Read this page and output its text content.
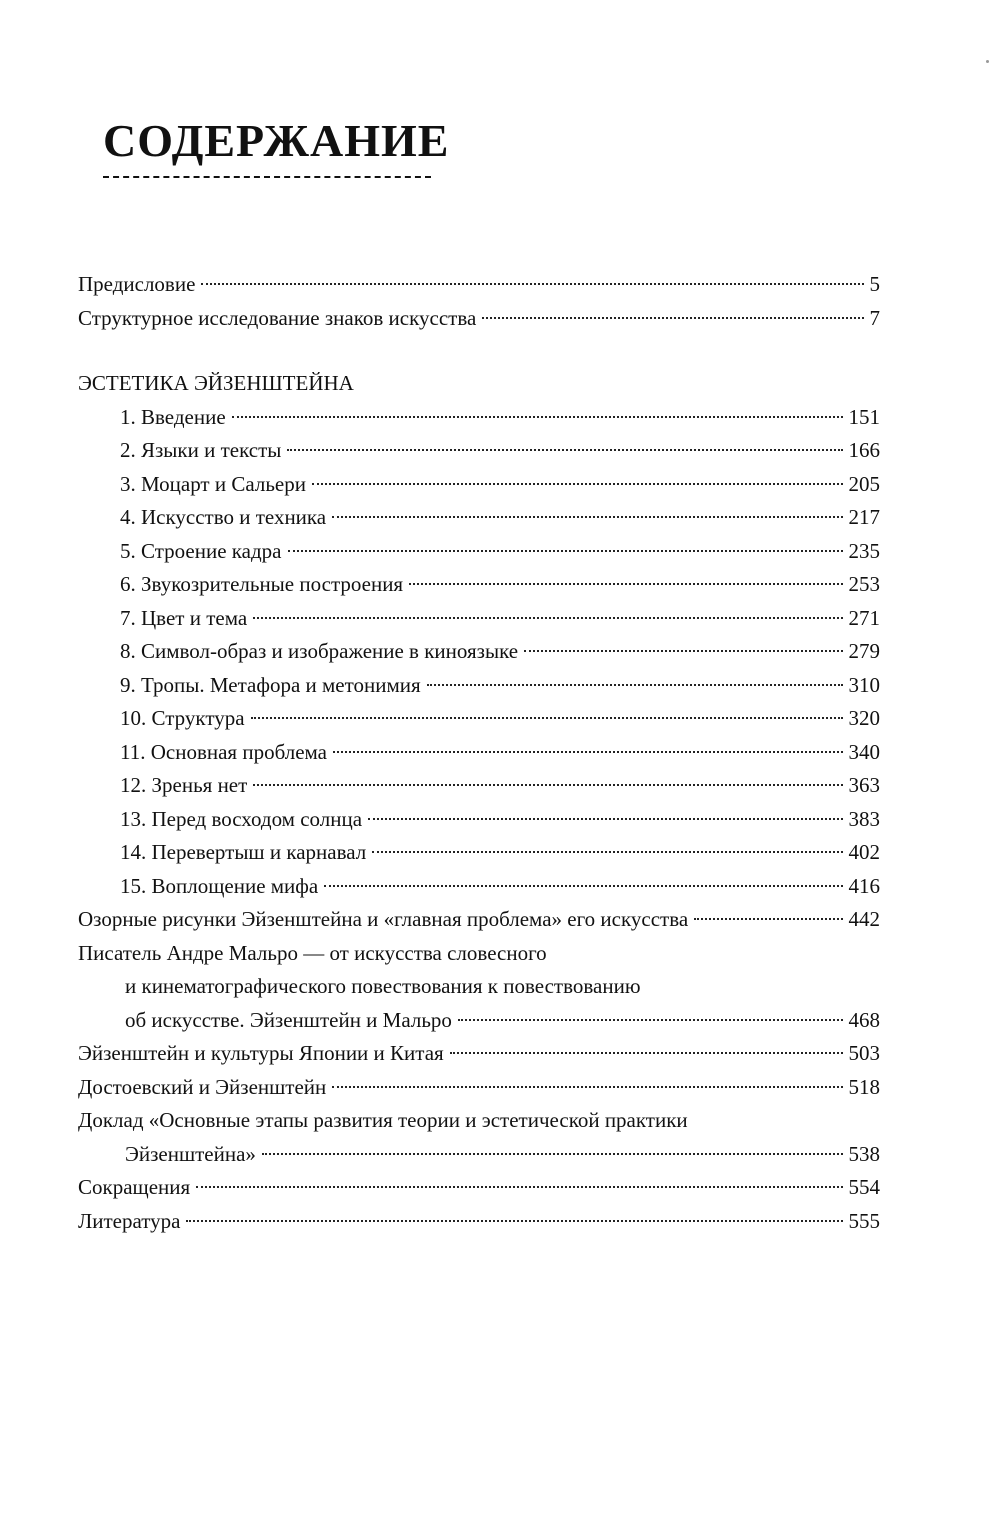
СОДЕРЖАНИЕ
Предисловие	5
Структурное исследование знаков искусства	7
ЭСТЕТИКА ЭЙЗЕНШТЕЙНА
1. Введение	151
2. Языки и тексты	166
3. Моцарт и Сальери	205
4. Искусство и техника	217
5. Строение кадра	235
6. Звукозрительные построения	253
7. Цвет и тема	271
8. Символ-образ и изображение в киноязыке	279
9. Тропы. Метафора и метонимия	310
10. Структура	320
11. Основная проблема	340
12. Зренья нет	363
13. Перед восходом солнца	383
14. Перевертыш и карнавал	402
15. Воплощение мифа	416
Озорные рисунки Эйзенштейна и «главная проблема» его искусства	442
Писатель Андре Мальро — от искусства словесного
и кинематографического повествования к повествованию
об искусстве. Эйзенштейн и Мальро	468
Эйзенштейн и культуры Японии и Китая	503
Достоевский и Эйзенштейн	518
Доклад «Основные этапы развития теории и эстетической практики
Эйзенштейна»	538
Сокращения	554
Литература	555
